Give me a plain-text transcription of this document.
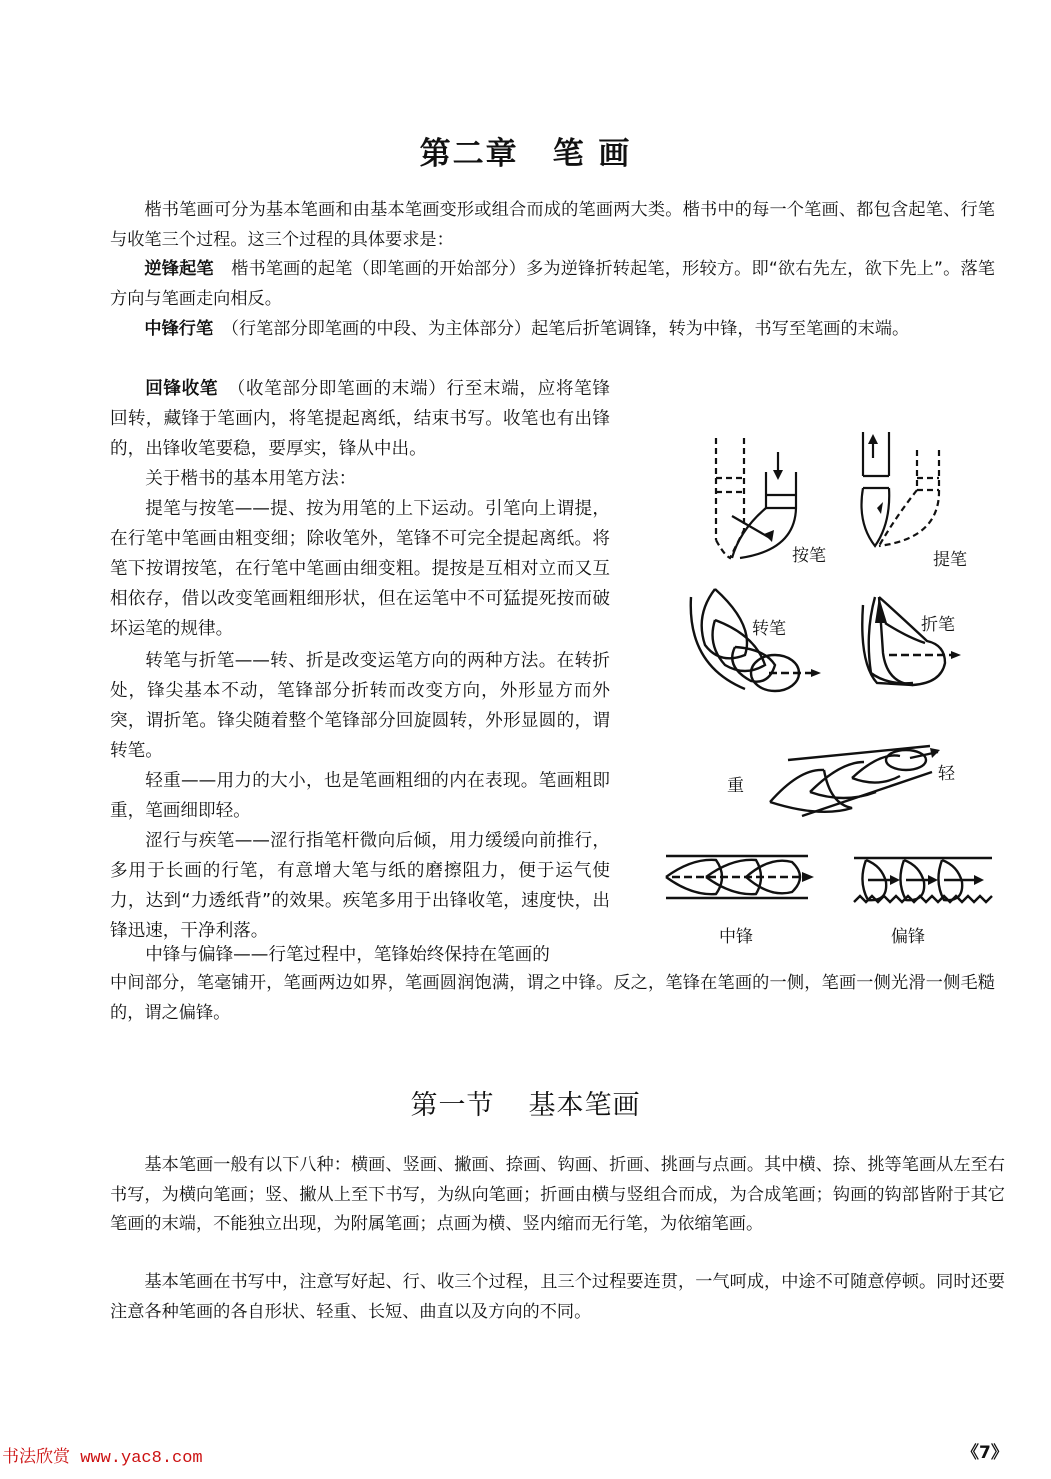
第二章 笔 画

楷书笔画可分为基本笔画和由基本笔画变形或组合而成的笔画两大类。楷书中的每一个笔画、都包含起笔、行笔与收笔三个过程。这三个过程的具体要求是：

逆锋起笔　楷书笔画的起笔（即笔画的开始部分）多为逆锋折转起笔，形较方。即“欲右先左，欲下先上”。落笔方向与笔画走向相反。

中锋行笔　（行笔部分即笔画的中段、为主体部分）起笔后折笔调锋，转为中锋，书写至笔画的末端。

回锋收笔　（收笔部分即笔画的末端）行至末端，应将笔锋回转，藏锋于笔画内，将笔提起离纸，结束书写。收笔也有出锋的，出锋收笔要稳，要厚实，锋从中出。

关于楷书的基本用笔方法：

提笔与按笔——提、按为用笔的上下运动。引笔向上谓提，在行笔中笔画由粗变细；除收笔外，笔锋不可完全提起离纸。将笔下按谓按笔，在行笔中笔画由细变粗。提按是互相对立而又互相依存，借以改变笔画粗细形状，但在运笔中不可猛提死按而破坏运笔的规律。

转笔与折笔——转、折是改变运笔方向的两种方法。在转折处，锋尖基本不动，笔锋部分折转而改变方向，外形显方而外突，谓折笔。锋尖随着整个笔锋部分回旋圆转，外形显圆的，谓转笔。

轻重——用力的大小，也是笔画粗细的内在表现。笔画粗即重，笔画细即轻。

涩行与疾笔——涩行指笔杆微向后倾，用力缓缓向前推行，多用于长画的行笔，有意增大笔与纸的磨擦阻力，便于运气使力，达到“力透纸背”的效果。疾笔多用于出锋收笔，速度快，出锋迅速，干净利落。

中锋与偏锋——行笔过程中，笔锋始终保持在笔画的

中间部分，笔毫铺开，笔画两边如界，笔画圆润饱满，谓之中锋。反之，笔锋在笔画的一侧，笔画一侧光滑一侧毛糙的，谓之偏锋。

按笔	提笔
转笔	折笔
重
轻
中锋	偏锋
第一节 基本笔画

基本笔画一般有以下八种：横画、竖画、撇画、捺画、钩画、折画、挑画与点画。其中横、捺、挑等笔画从左至右书写，为横向笔画；竖、撇从上至下书写，为纵向笔画；折画由横与竖组合而成，为合成笔画；钩画的钩部皆附于其它笔画的末端，不能独立出现，为附属笔画；点画为横、竖内缩而无行笔，为依缩笔画。

基本笔画在书写中，注意写好起、行、收三个过程，且三个过程要连贯，一气呵成，中途不可随意停顿。同时还要注意各种笔画的各自形状、轻重、长短、曲直以及方向的不同。

《7》
书法欣赏 www.yac8.com
